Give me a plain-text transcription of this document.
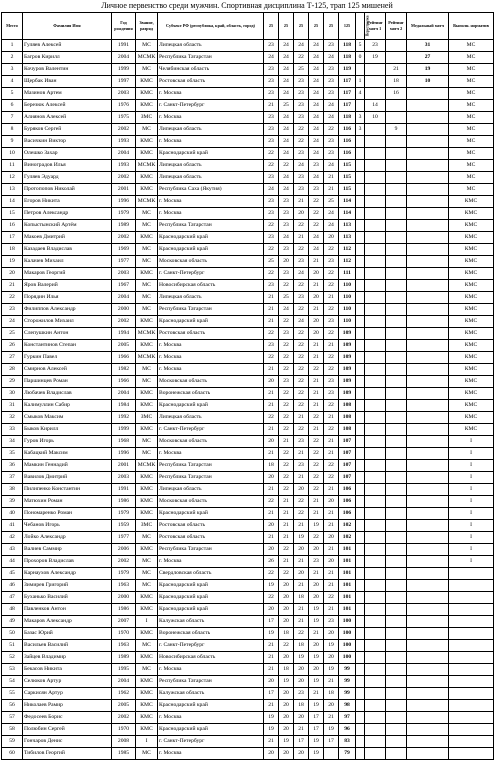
Личное первенство среди мужчин. Спортивная дисциплина Т-125, трап 125 мишеней
Место	Фамилия Имя	Год рождения	Звание, разряд	Субъект РФ (республика, край, область, город)	25	25	25	25	25	125	Перестрелка	Рейтинг матч 1	Рейтинг матч 2	Медальный матч	Выполн. норматив
1	Гуляев Алексей	1991	МС	Липецкая область	23	24	24	24	23	118	5	23		31	МС
2	Багров Кирилл	2004	МСМК	Республика Татарстан	24	24	22	24	24	118	0	19		27	МС
3	Кочуров Валентин	1999	МС	Челябинская область	23	24	25	24	23	119			21	19	МС
4	Щербак Иван	1997	КМС	Ростовская область	23	24	23	24	23	117	1		18	10	МС
5	Мазинов Артем	2003	КМС	г. Москва	23	24	23	24	23	117	4		16		МС
6	Березюк Алексей	1976	КМС	г. Санкт-Петербург	21	25	23	24	24	117		14			МС
7	Алиянов Алексей	1975	ЗМС	г. Москва	23	24	23	24	24	118	3	10			МС
8	Буряков Сергей	2002	МС	Липецкая область	23	24	22	24	22	116	3		9		МС
9	Васичкин Виктор	1993	КМС	г. Москва	23	24	22	24	23	116					МС
10	Олешко Захар	2004	КМС	Краснодарский край	22	24	23	24	23	116					МС
11	Виноградов Илья	1993	МСМК	Липецкая область	22	22	24	23	24	115					МС
12	Гуляев Эдуард	2002	КМС	Липецкая область	23	24	23	24	21	115					МС
13	Протопопов Николай	2001	КМС	Республика Саха (Якутия)	24	24	23	23	21	115					МС
14	Егоров Никита	1996	МСМК	г. Москва	23	23	21	22	25	114					КМС
15	Петров Александр	1979	МС	г. Москва	23	23	20	22	24	114					КМС
16	Копыстынский Артём	1989	МС	Республика Татарстан	22	23	22	22	24	113					КМС
17	Макоев Дмитрий	2002	КМС	Краснодарский край	23	24	21	24	20	113					КМС
18	Казадаев Владислав	1969	МС	Краснодарский край	22	23	22	24	22	112					КМС
19	Калачев Михаил	1977	МС	Московская область	25	20	23	21	23	112					КМС
20	Макаров Георгий	2003	КМС	г. Санкт-Петербург	22	23	24	20	22	111					КМС
21	Яров Валерий	1967	МС	Новосибирская область	23	22	22	21	22	110					КМС
22	Порядин Илья	2004	МС	Липецкая область	21	25	23	20	21	110					КМС
23	Филиппов Александр	2000	МС	Республика Татарстан	21	24	22	21	22	110					КМС
24	Сторожилов Михаил	2002	КМС	Краснодарский край	21	22	24	20	23	110					КМС
25	Слепушкин Антон	1994	МСМК	Ростовская область	22	23	22	20	22	109					КМС
26	Константинов Степан	2005	КМС	г. Москва	23	22	22	21	21	109					КМС
27	Гуркин Павел	1966	МСМК	г. Москва	22	22	22	21	22	109					КМС
28	Смирнов Алексей	1982	МС	г. Москва	21	22	22	22	22	109					КМС
29	Паршинцев Роман	1966	МС	Московская область	20	23	22	21	23	109					КМС
30	Любачев Владислав	2004	КМС	Воронежская область	21	22	22	21	23	109					КМС
31	Калимуллин Сабир	1984	КМС	Краснодарский край	21	22	22	21	22	108					КМС
32	Смыков Максим	1992	ЗМС	Липецкая область	22	22	21	22	21	108					КМС
33	Быков Кирилл	1999	КМС	г. Санкт-Петербург	21	22	22	21	22	108					КМС
34	Гуров Игорь	1968	МС	Московская область	20	21	23	22	21	107					I
35	Кабацкий Максим	1996	МС	г. Москва	21	22	21	22	21	107					I
36	Мамкин Геннадий	2001	МСМК	Республика Татарстан	18	22	23	22	22	107					I
37	Вавилов Дмитрий	2003	КМС	Республика Татарстан	20	22	21	22	22	107					I
38	Пилипенко Константин	1991	КМС	Липецкая область	21	22	20	22	21	106					I
39	Матюхин Роман	1986	КМС	Московская область	22	21	22	21	20	106					I
40	Пономаренко Роман	1979	КМС	Краснодарский край	21	21	22	21	21	106					I
41	Чебанов Игорь	1959	ЗМС	Ростовская область	20	21	21	19	21	102					I
42	Лойко Александр	1977	МС	Ростовская область	21	21	19	22	20	102					I
43	Валиев Саммир	2006	КМС	Республика Татарстан	20	22	20	20	21	101					I
44	Прохоров Владислав	2002	МС	г. Москва	26	21	21	23	20	101					I
45	Карнаухов Александр	1979	МС	Свердловская область	22	22	20	21	21	101					
46	Зимирев Григорий	1963	МС	Краснодарский край	19	20	21	20	21	101					
47	Буханько Василий	2000	КМС	Краснодарский край	22	20	18	20	22	101					
48	Павленков Антон	1986	КМС	Краснодарский край	20	20	21	19	21	101					
49	Макаров Александр	2007	I	Калужская область	17	20	21	19	23	100					
50	Базас Юрий	1970	КМС	Воронежская область	19	18	22	21	20	100					
51	Васильев Василий	1963	МС	г. Санкт-Петербург	21	22	18	20	19	100					
52	Зайцев Владимир	1989	КМС	Новосибирская область	21	20	19	19	20	100					
53	Бекасов Никита	1995	МС	г. Москва	21	18	20	20	19	99					
54	Селюков Артур	2004	КМС	Республика Татарстан	20	19	20	19	21	99					
55	Саркисян Артур	1962	КМС	Калужская область	17	20	23	21	18	99					
56	Николаев Рамир	2005	КМС	Краснодарский край	21	20	18	19	20	98					
57	Федосеев Борис	2002	КМС	г. Москва	19	20	20	17	21	97					
58	Полюбин Сергей	1970	КМС	Краснодарский край	19	20	21	17	19	96					
59	Гончаров Денис	2008	I	г. Санкт-Петербург	21	19	17	19	17	83					
60	Тибилов Георгий	1985	МС	г. Москва	20	20	20	19		79					
